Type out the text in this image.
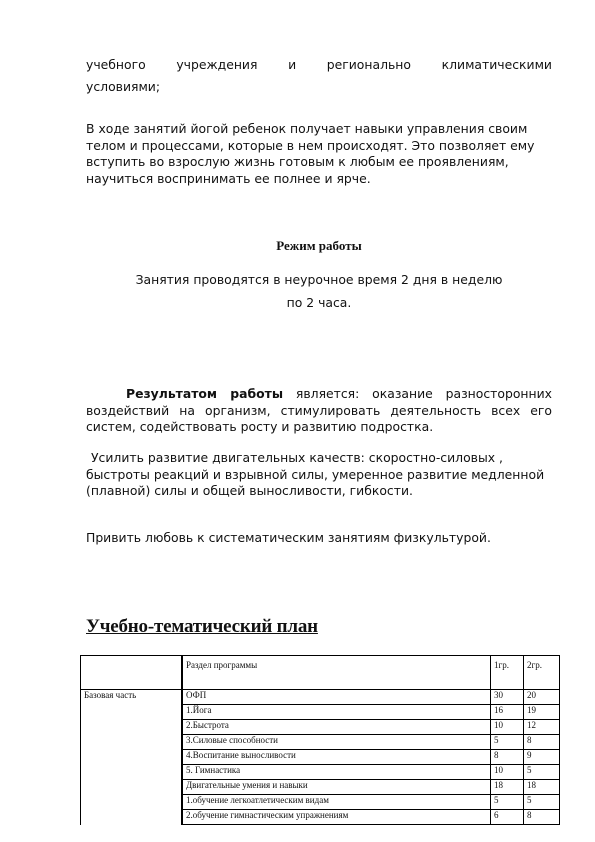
учебного учреждения и регионально климатическими
условиями;
В ходе занятий йогой ребенок получает навыки управления своим телом и процессами, которые в нем происходят. Это позволяет ему вступить во взрослую жизнь готовым к любым ее проявлениям, научиться воспринимать ее полнее и ярче.
Режим работы
Занятия проводятся в неурочное время 2 дня в неделю
по 2 часа.
Результатом работы является: оказание разносторонних воздействий на организм, стимулировать деятельность всех его систем, содействовать росту и развитию подростка.
Усилить развитие двигательных качеств: скоростно-силовых , быстроты реакций и взрывной силы, умеренное развитие медленной (плавной) силы и общей выносливости, гибкости.
Привить любовь к систематическим занятиям физкультурой.
Учебно-тематический план
	Раздел программы	1гр.	2гр.
Базовая часть	ОФП	30	20
	1.Йога	16	19
	2.Быстрота	10	12
	3.Силовые способности	5	8
	4.Воспитание выносливости	8	9
	5. Гимнастика	10	5
	Двигательные умения и навыки	18	18
	1.обучение легкоатлетическим видам	5	5
	2.обучение гимнастическим упражнениям	6	8
